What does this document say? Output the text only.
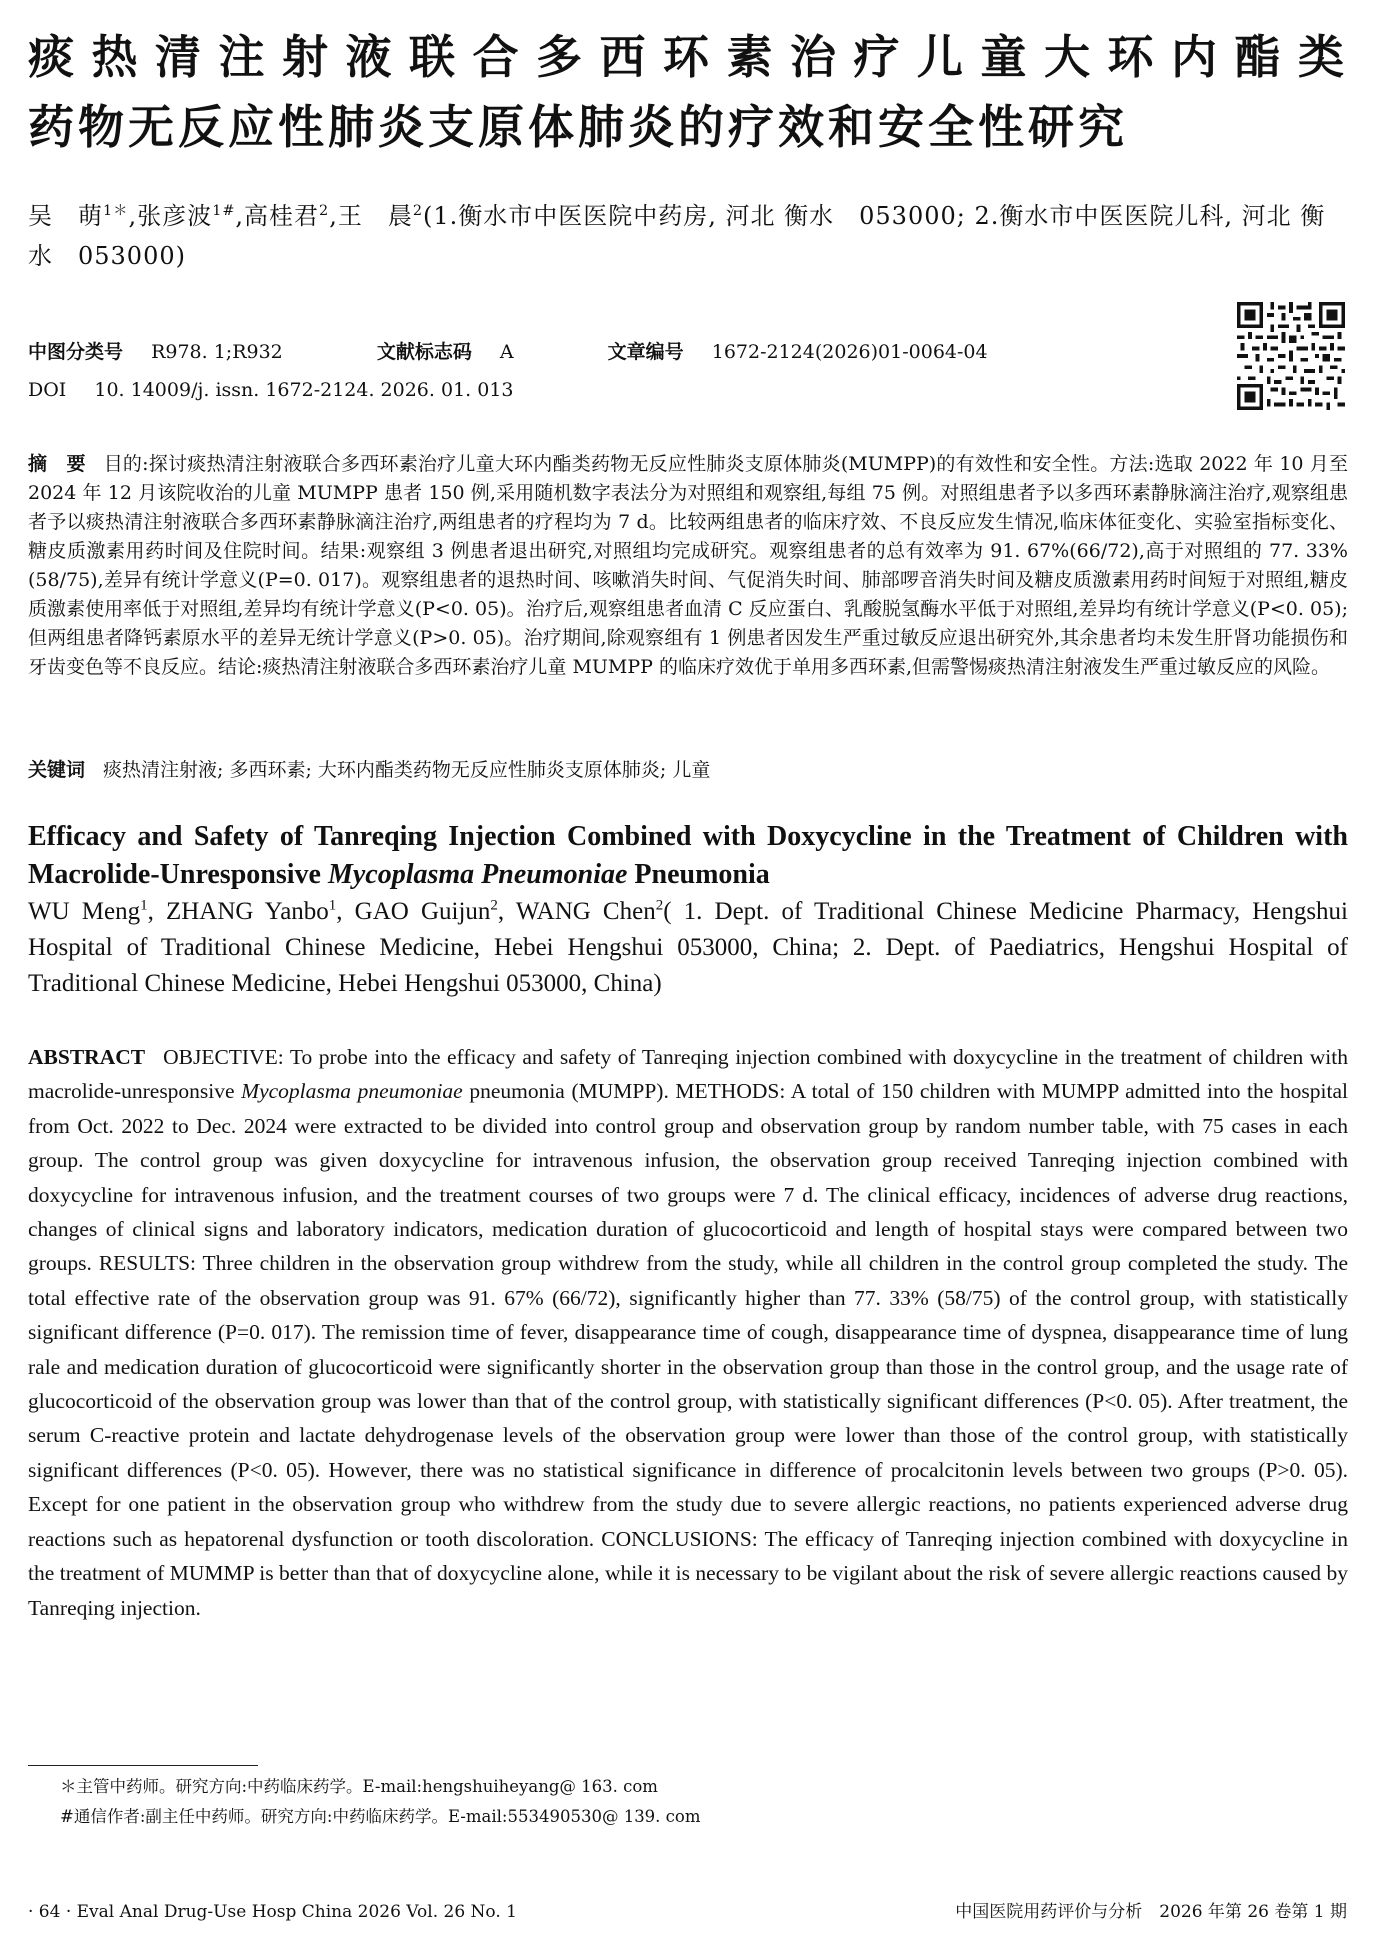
痰热清注射液联合多西环素治疗儿童大环内酯类
药物无反应性肺炎支原体肺炎的疗效和安全性研究
吴　萌$^{1*}$,张彦波$^{1\#}$,高桂君$^2$,王　晨$^2$(1.衡水市中医医院中药房, 河北 衡水　053000; 2.衡水市中医医院儿科, 河北 衡水　053000)
中图分类号 R978. 1;R932	文献标志码 A	文章编号 1672-2124(2026)01-0064-04
DOI 10. 14009/j. issn. 1672-2124. 2026. 01. 013
摘　要 目的:探讨痰热清注射液联合多西环素治疗儿童大环内酯类药物无反应性肺炎支原体肺炎(MUMPP)的有效性和安全性。方法:选取 2022 年 10 月至 2024 年 12 月该院收治的儿童 MUMPP 患者 150 例,采用随机数字表法分为对照组和观察组,每组 75 例。对照组患者予以多西环素静脉滴注治疗,观察组患者予以痰热清注射液联合多西环素静脉滴注治疗,两组患者的疗程均为 7 d。比较两组患者的临床疗效、不良反应发生情况,临床体征变化、实验室指标变化、糖皮质激素用药时间及住院时间。结果:观察组 3 例患者退出研究,对照组均完成研究。观察组患者的总有效率为 91. 67%(66/72),高于对照组的 77. 33%(58/75),差异有统计学意义(P=0. 017)。观察组患者的退热时间、咳嗽消失时间、气促消失时间、肺部啰音消失时间及糖皮质激素用药时间短于对照组,糖皮质激素使用率低于对照组,差异均有统计学意义(P<0. 05)。治疗后,观察组患者血清 C 反应蛋白、乳酸脱氢酶水平低于对照组,差异均有统计学意义(P<0. 05);但两组患者降钙素原水平的差异无统计学意义(P>0. 05)。治疗期间,除观察组有 1 例患者因发生严重过敏反应退出研究外,其余患者均未发生肝肾功能损伤和牙齿变色等不良反应。结论:痰热清注射液联合多西环素治疗儿童 MUMPP 的临床疗效优于单用多西环素,但需警惕痰热清注射液发生严重过敏反应的风险。
关键词 痰热清注射液; 多西环素; 大环内酯类药物无反应性肺炎支原体肺炎; 儿童
Efficacy and Safety of Tanreqing Injection Combined with Doxycycline in the Treatment of Children with Macrolide-Unresponsive Mycoplasma Pneumoniae Pneumonia
WU Meng$^1$, ZHANG Yanbo$^1$, GAO Guijun$^2$, WANG Chen$^2$( 1. Dept. of Traditional Chinese Medicine Pharmacy, Hengshui Hospital of Traditional Chinese Medicine, Hebei Hengshui 053000, China; 2. Dept. of Paediatrics, Hengshui Hospital of Traditional Chinese Medicine, Hebei Hengshui 053000, China)
ABSTRACT OBJECTIVE: To probe into the efficacy and safety of Tanreqing injection combined with doxycycline in the treatment of children with macrolide-unresponsive Mycoplasma pneumoniae pneumonia (MUMPP). METHODS: A total of 150 children with MUMPP admitted into the hospital from Oct. 2022 to Dec. 2024 were extracted to be divided into control group and observation group by random number table, with 75 cases in each group. The control group was given doxycycline for intravenous infusion, the observation group received Tanreqing injection combined with doxycycline for intravenous infusion, and the treatment courses of two groups were 7 d. The clinical efficacy, incidences of adverse drug reactions, changes of clinical signs and laboratory indicators, medication duration of glucocorticoid and length of hospital stays were compared between two groups. RESULTS: Three children in the observation group withdrew from the study, while all children in the control group completed the study. The total effective rate of the observation group was 91. 67% (66/72), significantly higher than 77. 33% (58/75) of the control group, with statistically significant difference (P=0. 017). The remission time of fever, disappearance time of cough, disappearance time of dyspnea, disappearance time of lung rale and medication duration of glucocorticoid were significantly shorter in the observation group than those in the control group, and the usage rate of glucocorticoid of the observation group was lower than that of the control group, with statistically significant differences (P<0. 05). After treatment, the serum C-reactive protein and lactate dehydrogenase levels of the observation group were lower than those of the control group, with statistically significant differences (P<0. 05). However, there was no statistical significance in difference of procalcitonin levels between two groups (P>0. 05). Except for one patient in the observation group who withdrew from the study due to severe allergic reactions, no patients experienced adverse drug reactions such as hepatorenal dysfunction or tooth discoloration. CONCLUSIONS: The efficacy of Tanreqing injection combined with doxycycline in the treatment of MUMMP is better than that of doxycycline alone, while it is necessary to be vigilant about the risk of severe allergic reactions caused by Tanreqing injection.
＊主管中药师。研究方向:中药临床药学。E-mail:hengshuiheyang@ 163. com
#通信作者:副主任中药师。研究方向:中药临床药学。E-mail:553490530@ 139. com
· 64 · Eval Anal Drug-Use Hosp China 2026 Vol. 26 No. 1	中国医院用药评价与分析　2026 年第 26 卷第 1 期
